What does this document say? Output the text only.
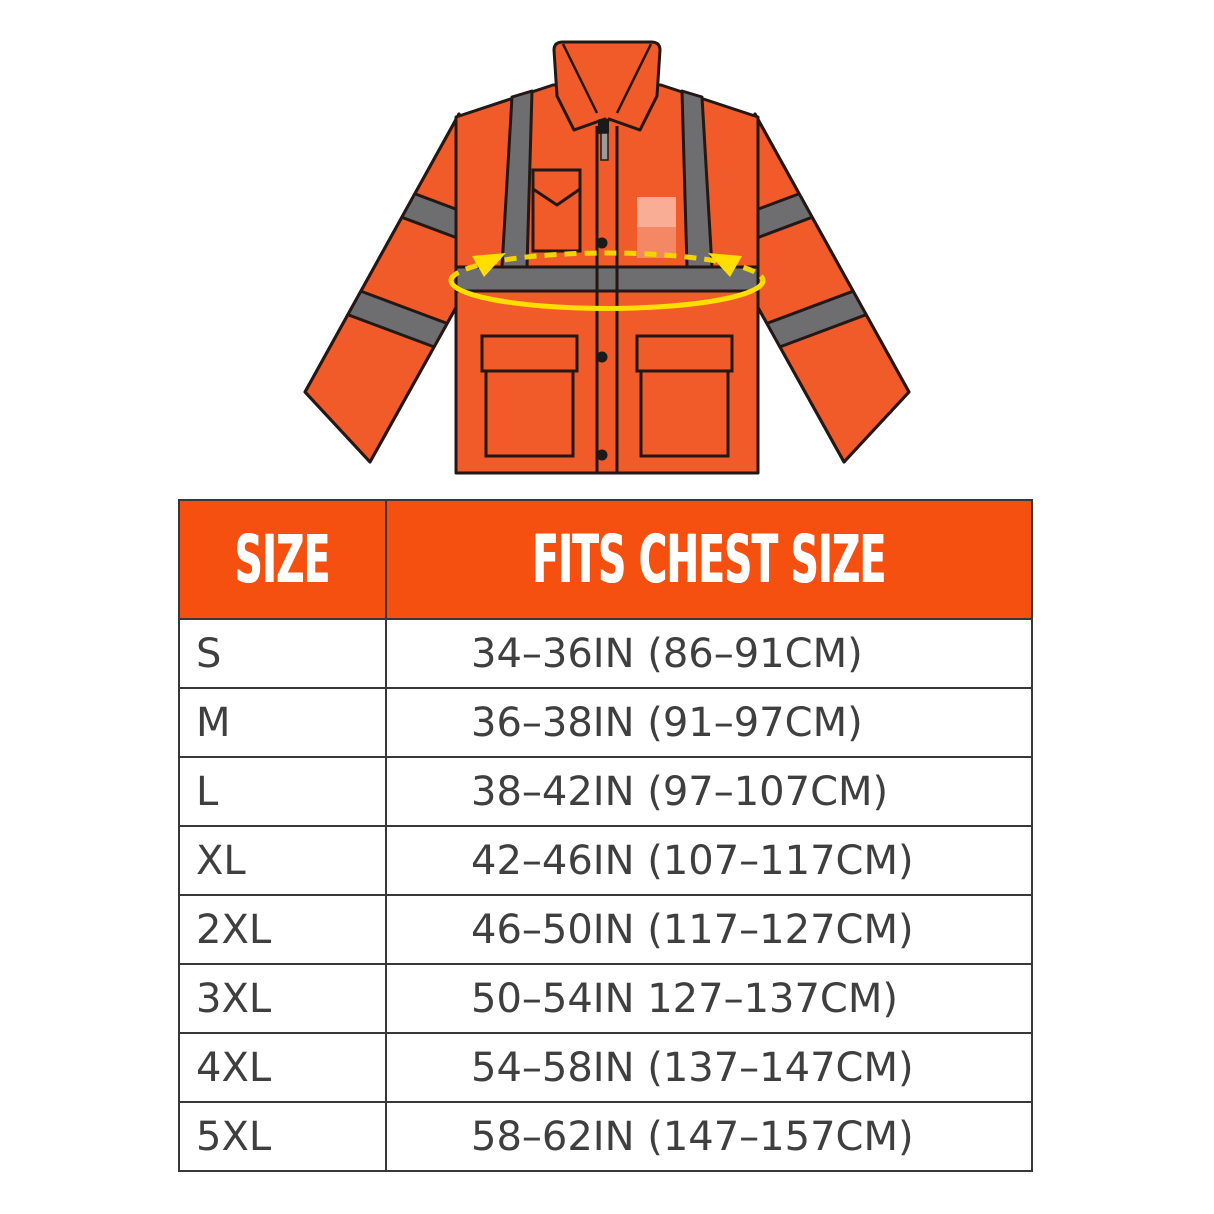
SIZE	FITS CHEST SIZE
S	34–36IN (86–91CM)
M	36–38IN (91–97CM)
L	38–42IN (97–107CM)
XL	42–46IN (107–117CM)
2XL	46–50IN (117–127CM)
3XL	50–54IN 127–137CM)
4XL	54–58IN (137–147CM)
5XL	58–62IN (147–157CM)
